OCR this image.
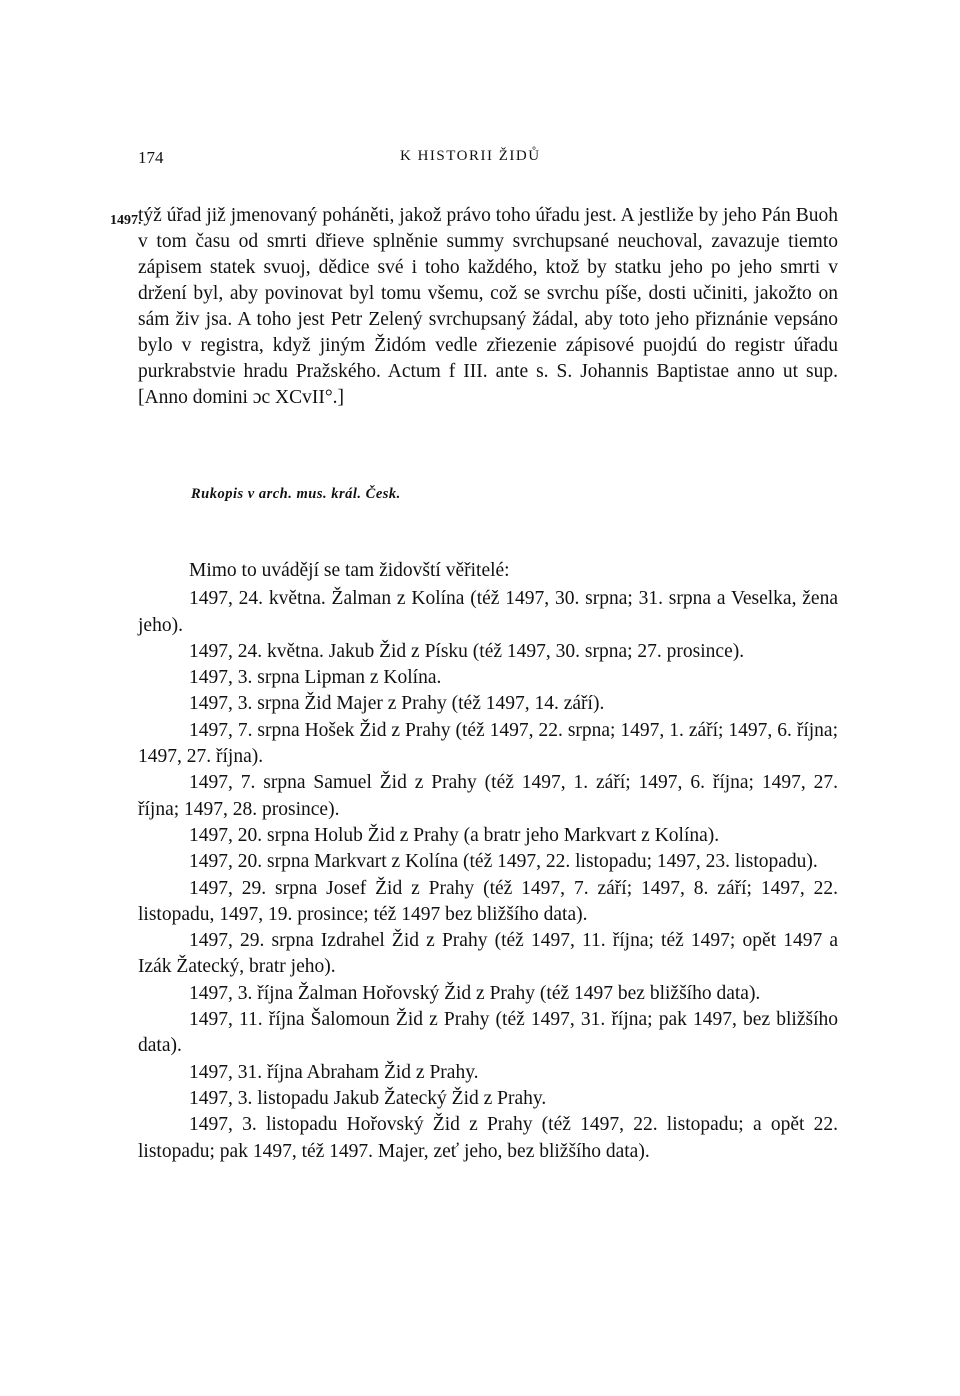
174	K HISTORII ŽIDŮ
1497.
týž úřad již jmenovaný poháněti, jakož právo toho úřadu jest. A jestliže by jeho Pán Buoh v tom času od smrti dřieve splněnie summy svrchupsané neuchoval, zavazuje tiemto zápisem statek svuoj, dědice své i toho každého, ktož by statku jeho po jeho smrti v držení byl, aby povinovat byl tomu všemu, což se svrchu píše, dosti učiniti, jakožto on sám živ jsa. A toho jest Petr Zelený svrchupsaný žádal, aby toto jeho přiznánie vepsáno bylo v registra, když jiným Židóm vedle zřiezenie zápisové puojdú do registr úřadu purkrabstvie hradu Pražského. Actum f III. ante s. S. Johannis Baptistae anno ut sup. [Anno domini ɔc XCvII°.]
Rukopis v arch. mus. král. Česk.

Mimo to uvádějí se tam židovští věřitelé:

1497, 24. května. Žalman z Kolína (též 1497, 30. srpna; 31. srpna a Veselka, žena jeho).

1497, 24. května. Jakub Žid z Písku (též 1497, 30. srpna; 27. prosince).

1497, 3. srpna Lipman z Kolína.

1497, 3. srpna Žid Majer z Prahy (též 1497, 14. září).

1497, 7. srpna Hošek Žid z Prahy (též 1497, 22. srpna; 1497, 1. září; 1497, 6. října; 1497, 27. října).

1497, 7. srpna Samuel Žid z Prahy (též 1497, 1. září; 1497, 6. října; 1497, 27. října; 1497, 28. prosince).

1497, 20. srpna Holub Žid z Prahy (a bratr jeho Markvart z Kolína).

1497, 20. srpna Markvart z Kolína (též 1497, 22. listopadu; 1497, 23. listopadu).

1497, 29. srpna Josef Žid z Prahy (též 1497, 7. září; 1497, 8. září; 1497, 22. listopadu, 1497, 19. prosince; též 1497 bez bližšího data).

1497, 29. srpna Izdrahel Žid z Prahy (též 1497, 11. října; též 1497; opět 1497 a Izák Žatecký, bratr jeho).

1497, 3. října Žalman Hořovský Žid z Prahy (též 1497 bez bližšího data).

1497, 11. října Šalomoun Žid z Prahy (též 1497, 31. října; pak 1497, bez bližšího data).

1497, 31. října Abraham Žid z Prahy.

1497, 3. listopadu Jakub Žatecký Žid z Prahy.

1497, 3. listopadu Hořovský Žid z Prahy (též 1497, 22. listopadu; a opět 22. listopadu; pak 1497, též 1497. Majer, zeť jeho, bez bližšího data).
